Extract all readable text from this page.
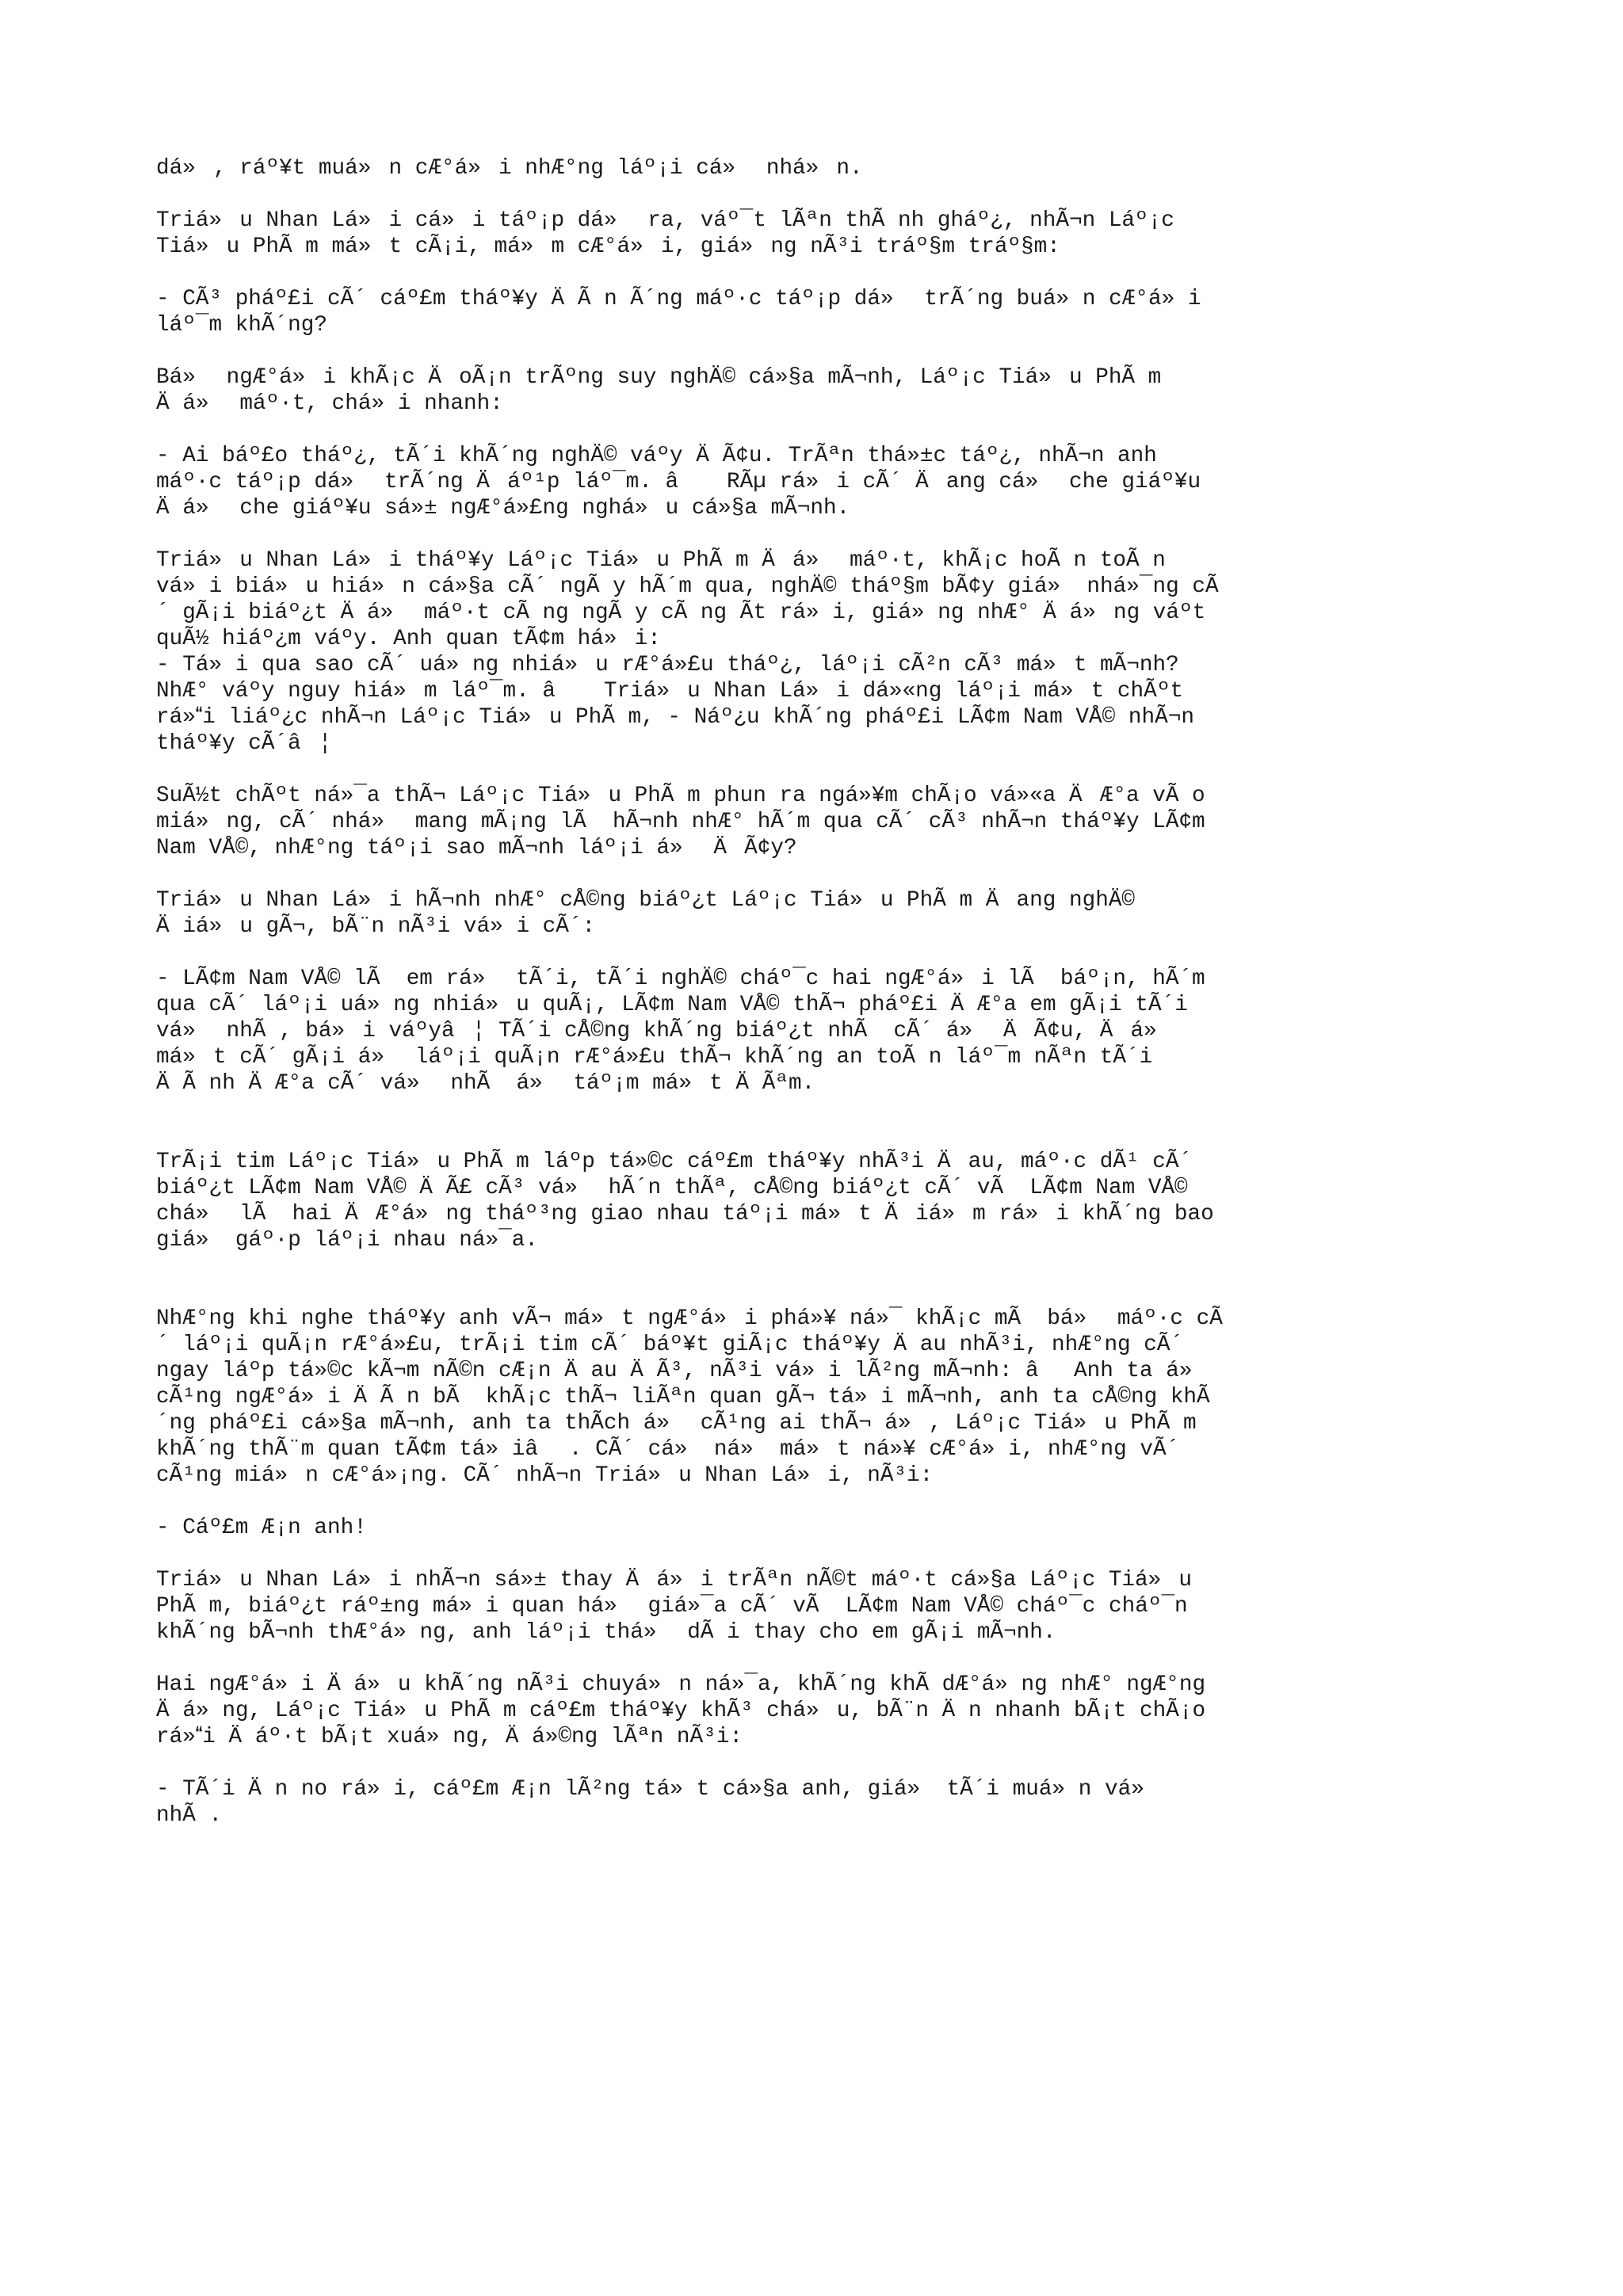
dá», ráº¥t muá»n cÆ°á»i nhÆ°ng láº¡i cá» nhá»n.

Triá»u Nhan Lá»i cá»i táº¡p dá» ra, váº¯t lÃªn thÃ nh gháº¿, nhÃ¬n Láº¡c
Tiá»u PhÃ m má»t cÃ¡i, má»m cÆ°á»i, giá»ng nÃ³i tráº§m tráº§m:

- CÃ³ pháº£i cÃ´ cáº£m tháº¥y ÄÃ n Ã´ng máº·c táº¡p dá» trÃ´ng buá»n cÆ°á»i
láº¯m khÃ´ng?

Bá» ngÆ°á»i khÃ¡c ÄoÃ¡n trÃºng suy nghÄ© cá»§a mÃ¬nh, Láº¡c Tiá»u PhÃ m
Äá» máº·t, chá»i nhanh:

- Ai báº£o tháº¿, tÃ´i khÃ´ng nghÄ© váºy ÄÃ¢u. TrÃªn thá»±c táº¿, nhÃ¬n anh
máº·c táº¡p dá» trÃ´ng Äáº¹p láº¯m. â RÃµ rá»i cÃ´ Äang cá» che giáº¥u
Äá» che giáº¥u sá»± ngÆ°á»£ng nghá»u cá»§a mÃ¬nh.

Triá»u Nhan Lá»i tháº¥y Láº¡c Tiá»u PhÃ m Äá» máº·t, khÃ¡c hoÃ n toÃ n
vá»i biá»u hiá»n cá»§a cÃ´ ngÃ y hÃ´m qua, nghÄ© tháº§m bÃ¢y giá» nhá»¯ng cÃ
´ gÃ¡i biáº¿t Äá» máº·t cÃ ng ngÃ y cÃ ng Ãt rá»i, giá»ng nhÆ° Äá»ng váºt
quÃ½ hiáº¿m váºy. Anh quan tÃ¢m há»i:
- Tá»i qua sao cÃ´ uá»ng nhiá»u rÆ°á»£u tháº¿, láº¡i cÃ²n cÃ³ má»t mÃ¬nh?
NhÆ° váºy nguy hiá»m láº¯m. â Triá»u Nhan Lá»i dá»«ng láº¡i má»t chÃºt
rá»i liáº¿c nhÃ¬n Láº¡c Tiá»u PhÃ m, - Náº¿u khÃ´ng pháº£i LÃ¢m Nam VÅ© nhÃ¬n
tháº¥y cÃ´â¦

SuÃ½t chÃºt ná»¯a thÃ¬ Láº¡c Tiá»u PhÃ m phun ra ngá»¥m chÃ¡o vá»«a ÄÆ°a vÃ o
miá»ng, cÃ´ nhá» mang mÃ¡ng lÃ  hÃ¬nh nhÆ° hÃ´m qua cÃ´ cÃ³ nhÃ¬n tháº¥y LÃ¢m
Nam VÅ©, nhÆ°ng táº¡i sao mÃ¬nh láº¡i á» ÄÃ¢y?

Triá»u Nhan Lá»i hÃ¬nh nhÆ° cÅ©ng biáº¿t Láº¡c Tiá»u PhÃ m Äang nghÄ©
Äiá»u gÃ¬, bÃ¨n nÃ³i vá»i cÃ´:

- LÃ¢m Nam VÅ© lÃ  em rá» tÃ´i, tÃ´i nghÄ© cháº¯c hai ngÆ°á»i lÃ  báº¡n, hÃ´m
qua cÃ´ láº¡i uá»ng nhiá»u quÃ¡, LÃ¢m Nam VÅ© thÃ¬ pháº£i ÄÆ°a em gÃ¡i tÃ´i
vá» nhÃ , bá»i váºyâ¦ TÃ´i cÅ©ng khÃ´ng biáº¿t nhÃ  cÃ´ á» ÄÃ¢u, Äá»
má»t cÃ´ gÃ¡i á» láº¡i quÃ¡n rÆ°á»£u thÃ¬ khÃ´ng an toÃ n láº¯m nÃªn tÃ´i
ÄÃ nh ÄÆ°a cÃ´ vá» nhÃ  á» táº¡m má»t ÄÃªm.

TrÃ¡i tim Láº¡c Tiá»u PhÃ m láºp tá»©c cáº£m tháº¥y nhÃ³i Äau, máº·c dÃ¹ cÃ´
biáº¿t LÃ¢m Nam VÅ© ÄÃ£ cÃ³ vá» hÃ´n thÃª, cÅ©ng biáº¿t cÃ´ vÃ  LÃ¢m Nam VÅ©
chá» lÃ  hai ÄÆ°á»ng tháº³ng giao nhau táº¡i má»t Äiá»m rá»i khÃ´ng bao
giá» gáº·p láº¡i nhau ná»¯a.

NhÆ°ng khi nghe tháº¥y anh vÃ¬ má»t ngÆ°á»i phá»¥ ná»¯ khÃ¡c mÃ  bá» máº·c cÃ
´ láº¡i quÃ¡n rÆ°á»£u, trÃ¡i tim cÃ´ báº¥t giÃ¡c tháº¥y Äau nhÃ³i, nhÆ°ng cÃ´
ngay láºp tá»©c kÃ¬m nÃ©n cÆ¡n Äau ÄÃ³, nÃ³i vá»i lÃ²ng mÃ¬nh: âAnh ta á»
cÃ¹ng ngÆ°á»i ÄÃ n bÃ  khÃ¡c thÃ¬ liÃªn quan gÃ¬ tá»i mÃ¬nh, anh ta cÅ©ng khÃ
´ng pháº£i cá»§a mÃ¬nh, anh ta thÃch á» cÃ¹ng ai thÃ¬ á», Láº¡c Tiá»u PhÃ m
khÃ´ng thÃ¨m quan tÃ¢m tá»iâ. CÃ´ cá» ná» má»t ná»¥ cÆ°á»i, nhÆ°ng vÃ´
cÃ¹ng miá»n cÆ°á»¡ng. CÃ´ nhÃ¬n Triá»u Nhan Lá»i, nÃ³i:

- Cáº£m Æ¡n anh!

Triá»u Nhan Lá»i nhÃ¬n sá»± thay Äá»i trÃªn nÃ©t máº·t cá»§a Láº¡c Tiá»u
PhÃ m, biáº¿t ráº±ng má»i quan há» giá»¯a cÃ´ vÃ  LÃ¢m Nam VÅ© cháº¯c cháº¯n
khÃ´ng bÃ¬nh thÆ°á»ng, anh láº¡i thá» dÃ i thay cho em gÃ¡i mÃ¬nh.

Hai ngÆ°á»i Äá»u khÃ´ng nÃ³i chuyá»n ná»¯a, khÃ´ng khÃ dÆ°á»ng nhÆ° ngÆ°ng
Äá»ng, Láº¡c Tiá»u PhÃ m cáº£m tháº¥y khÃ³ chá»u, bÃ¨n Än nhanh bÃ¡t chÃ¡o
rá»i Äáº·t bÃ¡t xuá»ng, Äá»©ng lÃªn nÃ³i:

- TÃ´i Än no rá»i, cáº£m Æ¡n lÃ²ng tá»t cá»§a anh, giá» tÃ´i muá»n vá»
nhÃ .
